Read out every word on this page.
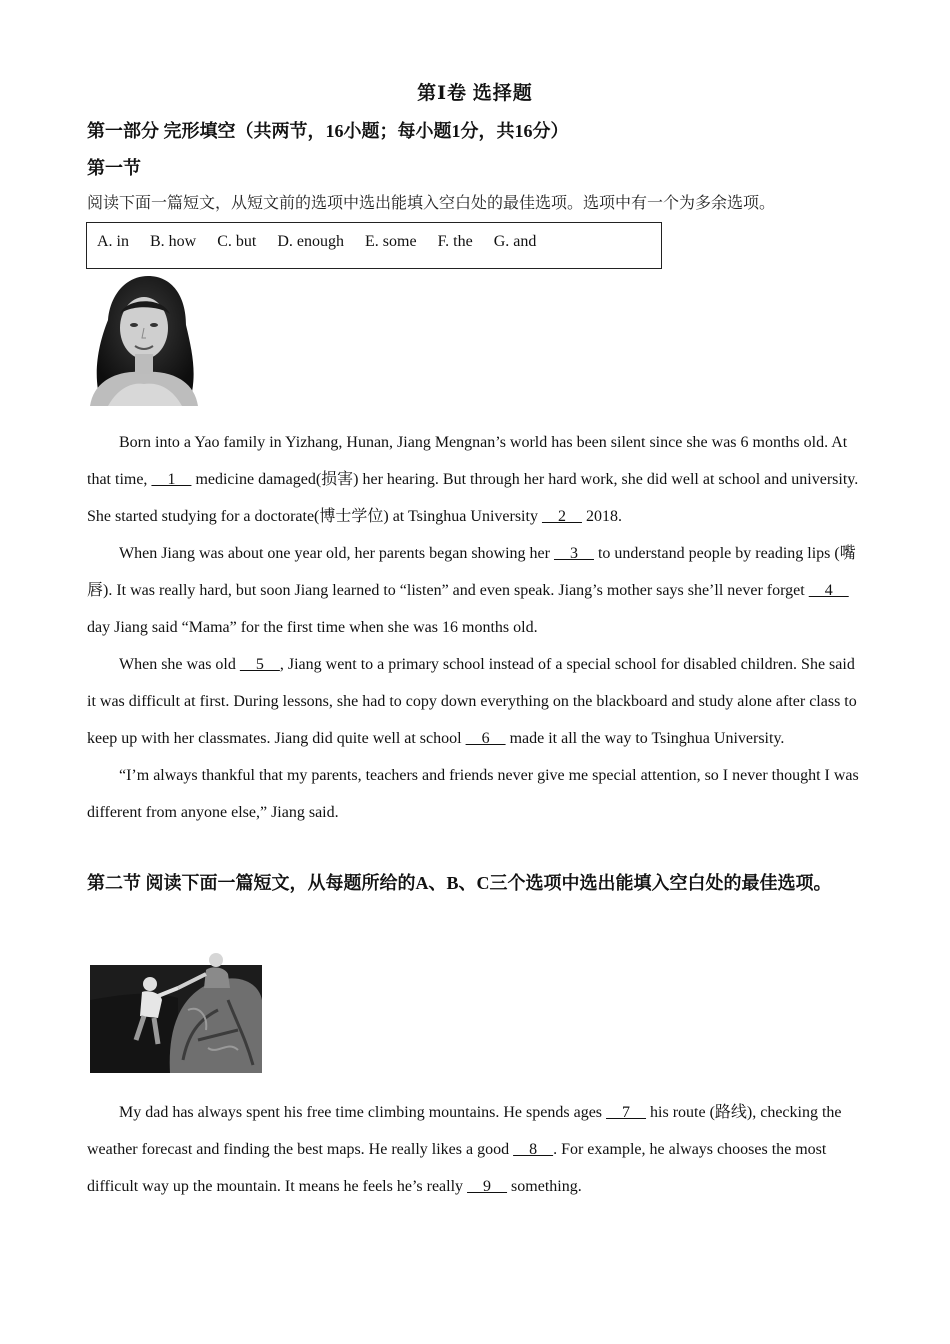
第Ⅰ卷 选择题
第一部分 完形填空（共两节，16小题；每小题1分，共16分）
第一节
阅读下面一篇短文，从短文前的选项中选出能填入空白处的最佳选项。选项中有一个为多余选项。
A. in B. how C. but D. enough E. some F. the G. and

Born into a Yao family in Yizhang, Hunan, Jiang Mengnan’s world has been silent since she was 6 months old. At that time,     1     medicine damaged(损害) her hearing. But through her hard work, she did well at school and university. She started studying for a doctorate(博士学位) at Tsinghua University     2     2018.

When Jiang was about one year old, her parents began showing her     3     to understand people by reading lips (嘴唇). It was really hard, but soon Jiang learned to “listen” and even speak. Jiang’s mother says she’ll never forget     4     day Jiang said “Mama” for the first time when she was 16 months old.

When she was old     5    , Jiang went to a primary school instead of a special school for disabled children. She said it was difficult at first. During lessons, she had to copy down everything on the blackboard and study alone after class to keep up with her classmates. Jiang did quite well at school     6     made it all the way to Tsinghua University.

“I’m always thankful that my parents, teachers and friends never give me special attention, so I never thought I was different from anyone else,” Jiang said.

第二节 阅读下面一篇短文，从每题所给的A、B、C三个选项中选出能填入空白处的最佳选项。

My dad has always spent his free time climbing mountains. He spends ages     7     his route (路线), checking the weather forecast and finding the best maps. He really likes a good     8    . For example, he always chooses the most difficult way up the mountain. It means he feels he’s really     9     something.
